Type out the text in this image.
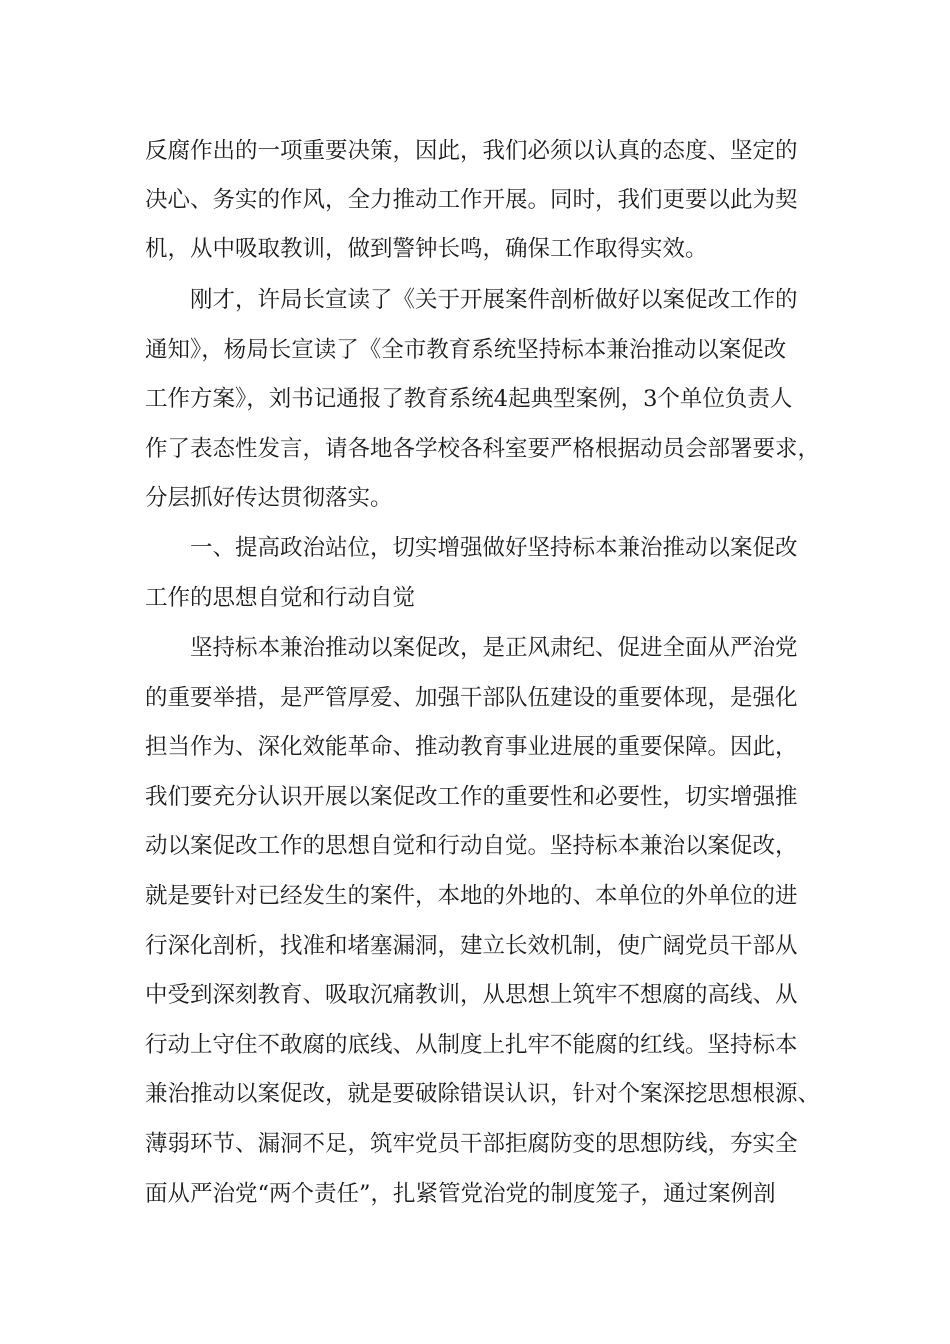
反腐作出的一项重要决策，因此，我们必须以认真的态度、坚定的
决心、务实的作风，全力推动工作开展。同时，我们更要以此为契
机，从中吸取教训，做到警钟长鸣，确保工作取得实效。
刚才，许局长宣读了《关于开展案件剖析做好以案促改工作的
通知》，杨局长宣读了《全市教育系统坚持标本兼治推动以案促改
工作方案》，刘书记通报了教育系统4起典型案例，3个单位负责人
作了表态性发言，请各地各学校各科室要严格根据动员会部署要求，
分层抓好传达贯彻落实。
一、提高政治站位，切实增强做好坚持标本兼治推动以案促改
工作的思想自觉和行动自觉
坚持标本兼治推动以案促改，是正风肃纪、促进全面从严治党
的重要举措，是严管厚爱、加强干部队伍建设的重要体现，是强化
担当作为、深化效能革命、推动教育事业进展的重要保障。因此，
我们要充分认识开展以案促改工作的重要性和必要性，切实增强推
动以案促改工作的思想自觉和行动自觉。坚持标本兼治以案促改，
就是要针对已经发生的案件，本地的外地的、本单位的外单位的进
行深化剖析，找准和堵塞漏洞，建立长效机制，使广阔党员干部从
中受到深刻教育、吸取沉痛教训，从思想上筑牢不想腐的高线、从
行动上守住不敢腐的底线、从制度上扎牢不能腐的红线。坚持标本
兼治推动以案促改，就是要破除错误认识，针对个案深挖思想根源、
薄弱环节、漏洞不足，筑牢党员干部拒腐防变的思想防线，夯实全
面从严治党“两个责任”，扎紧管党治党的制度笼子，通过案例剖
